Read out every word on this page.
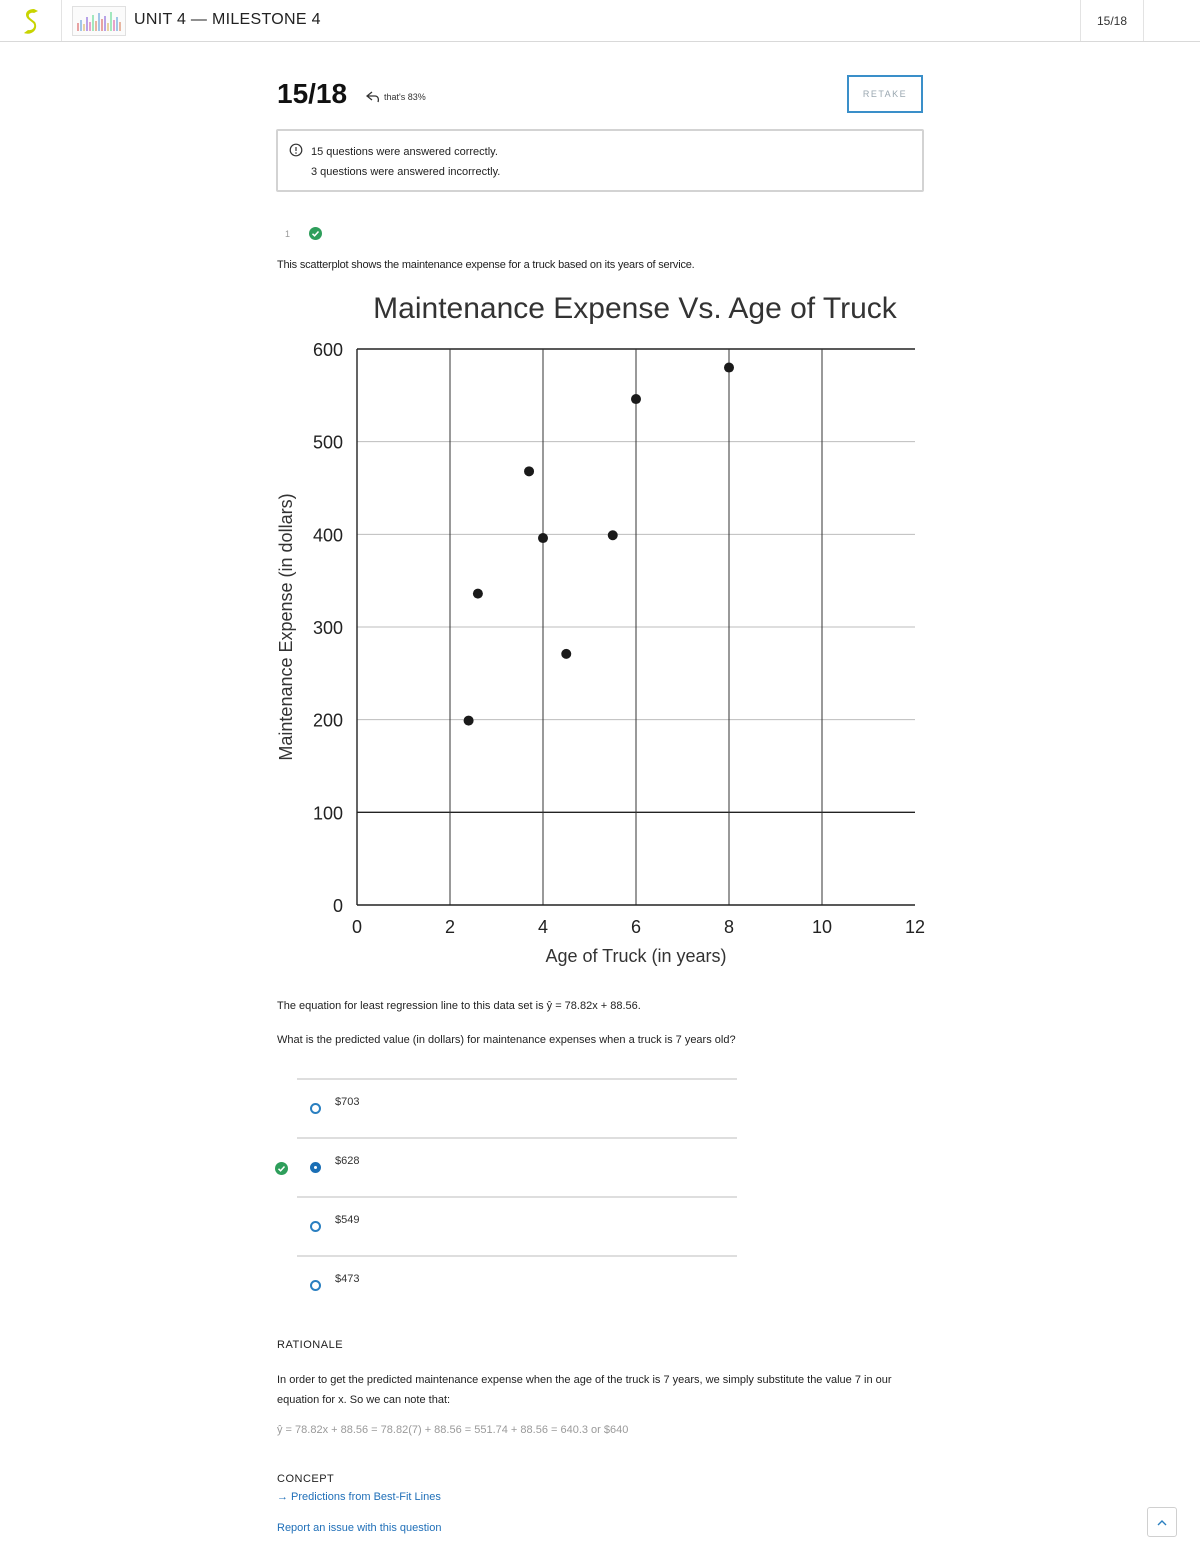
UNIT 4 — MILESTONE 4	15/18
15/18	that's 83%	RETAKE
15 questions were answered correctly.
3 questions were answered incorrectly.
1
This scatterplot shows the maintenance expense for a truck based on its years of service.
0
100
200
300
400
500
600
0	2	4	6	8	10	12
Maintenance Expense Vs. Age of Truck
Age of Truck (in years)
Maintenance Expense (in dollars)
The equation for least regression line to this data set is ŷ = 78.82x + 88.56.
What is the predicted value (in dollars) for maintenance expenses when a truck is 7 years old?
$703
$628
$549
$473
RATIONALE
In order to get the predicted maintenance expense when the age of the truck is 7 years, we simply substitute the value 7 in our equation for x. So we can note that:
ŷ = 78.82x + 88.56 = 78.82(7) + 88.56 = 551.74 + 88.56 = 640.3 or $640
CONCEPT
→ Predictions from Best-Fit Lines
Report an issue with this question
